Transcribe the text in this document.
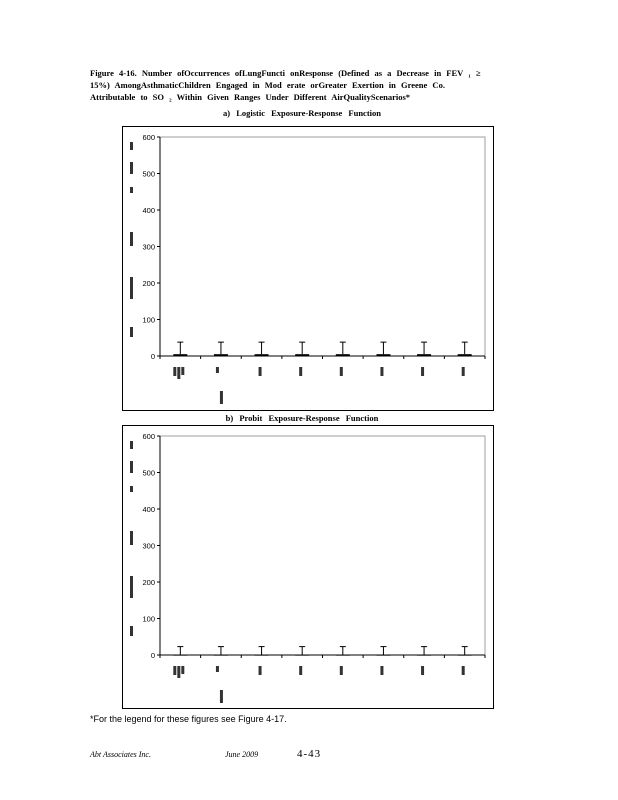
Figure 4-16. Number ofOccurrences ofLungFuncti onResponse (Defined as a Decrease in FEV ₁ ≥
15%) AmongAsthmaticChildren Engaged in Mod erate orGreater Exertion in Greene Co.
Attributable to SO ₂ Within Given Ranges Under Different AirQualityScenarios*
a) Logistic Exposure-Response Function
0
100
200
300
400
500
600
b) Probit Exposure-Response Function
0
100
200
300
400
500
600
*For the legend for these figures see Figure 4-17.
Abt Associates Inc.	June 2009	4-43
